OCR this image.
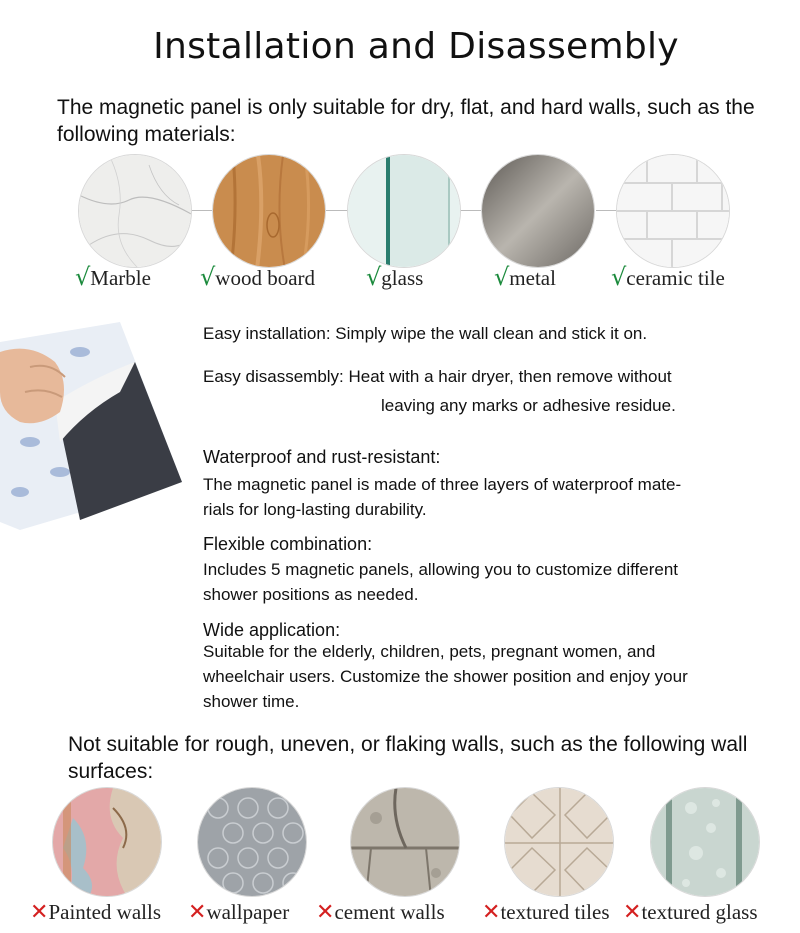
Installation and Disassembly
The magnetic panel is only suitable for dry, flat, and hard walls, such as the following materials:
√Marble √wood board √glass	√metal √ceramic tile
Easy installation: Simply wipe the wall clean and stick it on.
Easy disassembly: Heat with a hair dryer, then remove without
leaving any marks or adhesive residue.
Waterproof and rust-resistant:
The magnetic panel is made of three layers of waterproof mate-
rials for long-lasting durability.
Flexible combination:
Includes 5 magnetic panels, allowing you to customize different
shower positions as needed.
Wide application:
Suitable for the elderly, children, pets, pregnant women, and
wheelchair users. Customize the shower position and enjoy your
shower time.
Not suitable for rough, uneven, or flaking walls, such as the following wall surfaces:
✕Painted walls ✕wallpaper ✕cement walls ✕textured tiles ✕textured glass
